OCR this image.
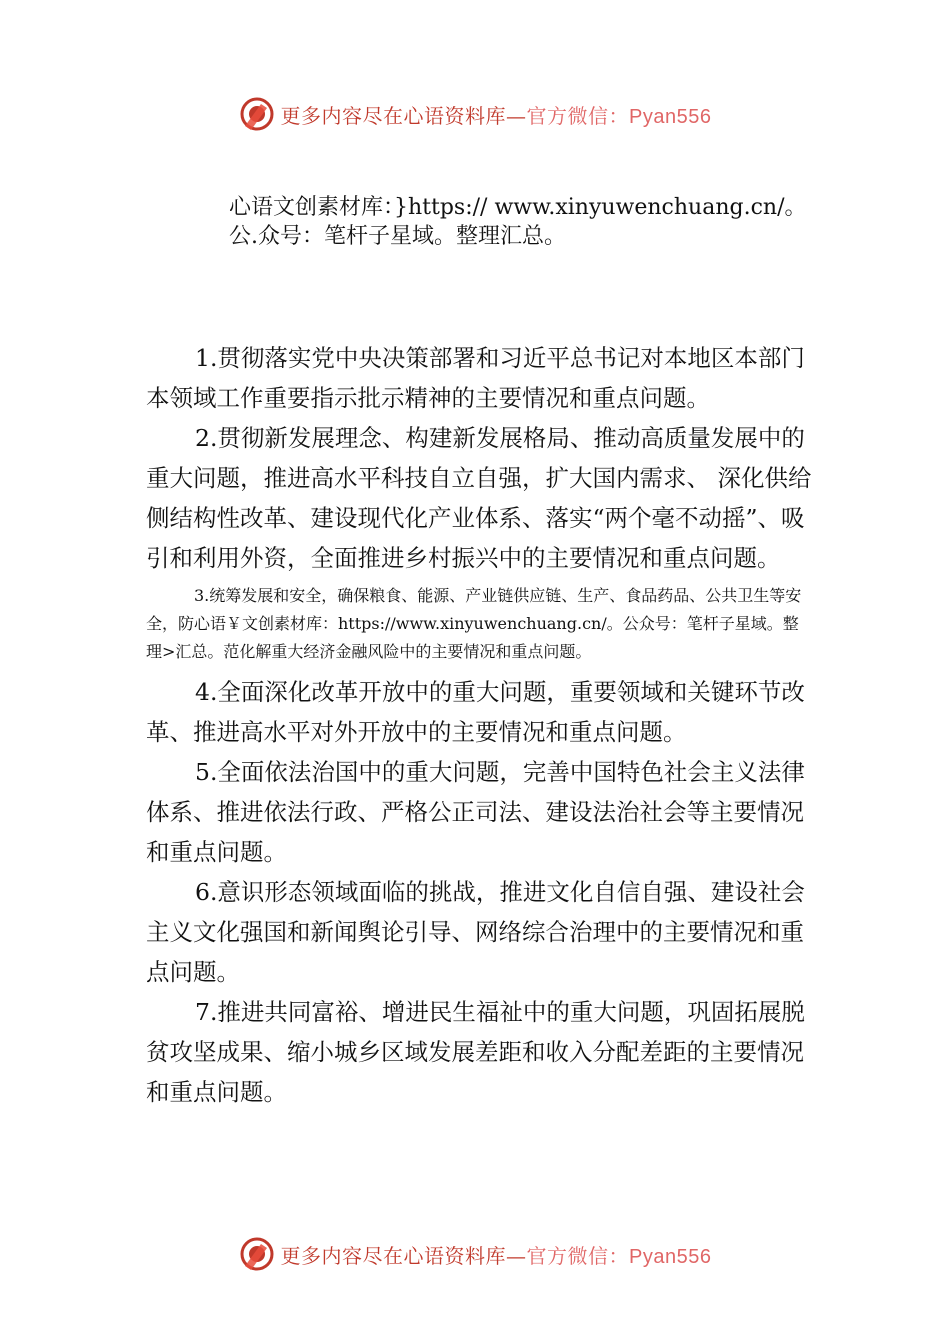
更多内容尽在心语资料库—官方微信：Pyan556
心语文创素材库：}https:// www.xinyuwenchuang.cn/。公.众号：笔杆子星域。整理汇总。

1.贯彻落实党中央决策部署和习近平总书记对本地区本部门本领域工作重要指示批示精神的主要情况和重点问题。

2.贯彻新发展理念、构建新发展格局、推动高质量发展中的重大问题，推进高水平科技自立自强，扩大国内需求、 深化供给侧结构性改革、建设现代化产业体系、落实“两个毫不动摇”、吸引和利用外资，全面推进乡村振兴中的主要情况和重点问题。

3.统筹发展和安全，确保粮食、能源、产业链供应链、生产、食品药品、公共卫生等安全，防心语￥文创素材库：https://www.xinyuwenchuang.cn/。公众号：笔杆子星域。整理>汇总。范化解重大经济金融风险中的主要情况和重点问题。

4.全面深化改革开放中的重大问题，重要领域和关键环节改革、推进高水平对外开放中的主要情况和重点问题。

5.全面依法治国中的重大问题，完善中国特色社会主义法律体系、推进依法行政、严格公正司法、建设法治社会等主要情况和重点问题。

6.意识形态领域面临的挑战，推进文化自信自强、建设社会主义文化强国和新闻舆论引导、网络综合治理中的主要情况和重点问题。

7.推进共同富裕、增进民生福祉中的重大问题，巩固拓展脱贫攻坚成果、缩小城乡区域发展差距和收入分配差距的主要情况和重点问题。

更多内容尽在心语资料库—官方微信：Pyan556
